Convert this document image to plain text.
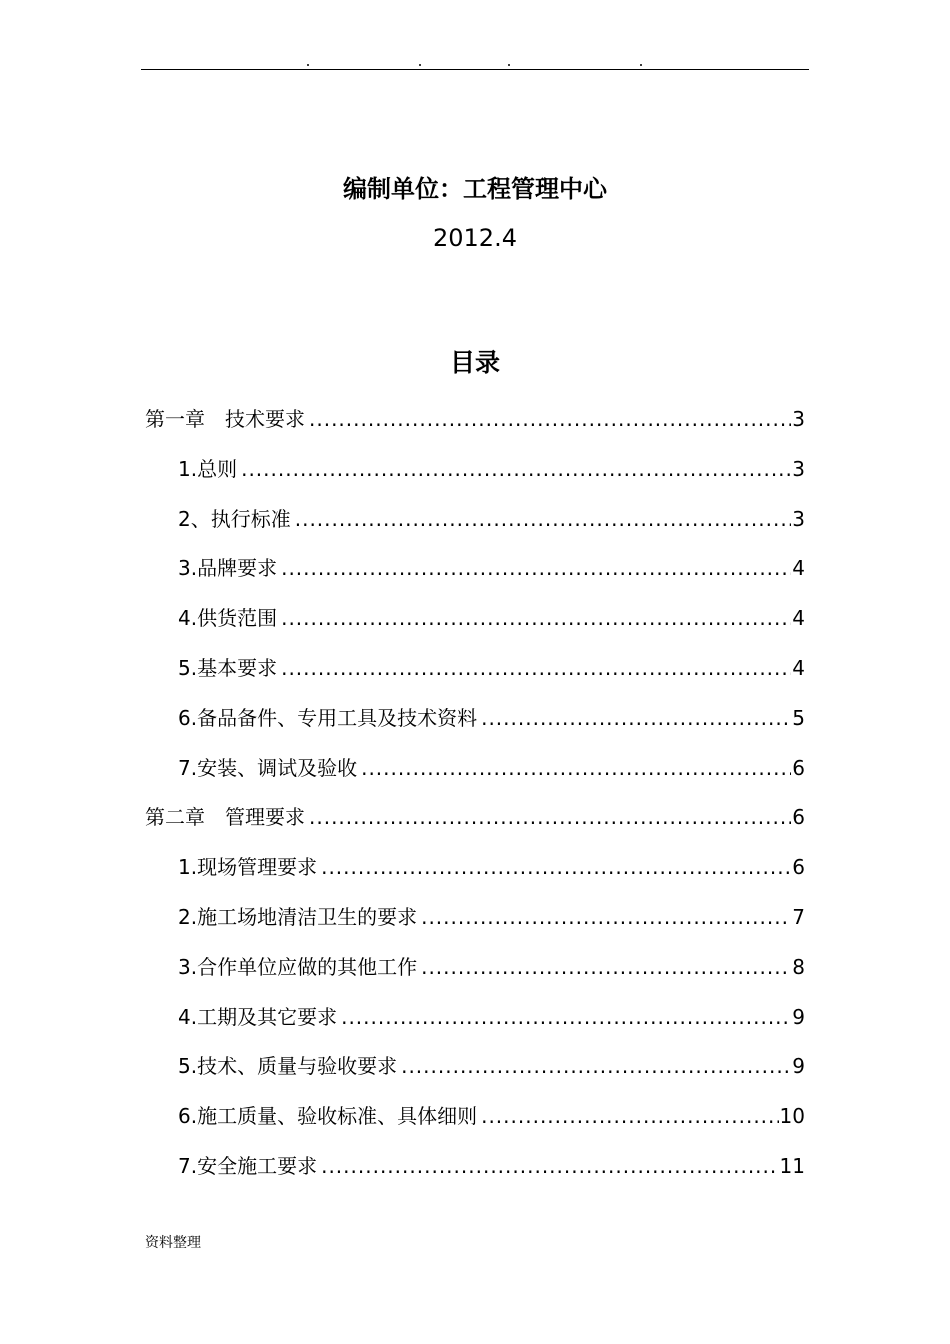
编制单位：工程管理中心
2012.4
目录
第一章　技术要求 .....	3
1.总则 .....	3
2、执行标准 .....	3
3.品牌要求 .....	4
4.供货范围 .....	4
5.基本要求 .....	4
6.备品备件、专用工具及技术资料 .....	5
7.安装、调试及验收 .....	6
第二章　管理要求 .....	6
1.现场管理要求 .....	6
2.施工场地清洁卫生的要求 .....	7
3.合作单位应做的其他工作 .....	8
4.工期及其它要求 .....	9
5.技术、质量与验收要求 .....	9
6.施工质量、验收标准、具体细则 .....	10
7.安全施工要求 .....	11
资料整理
